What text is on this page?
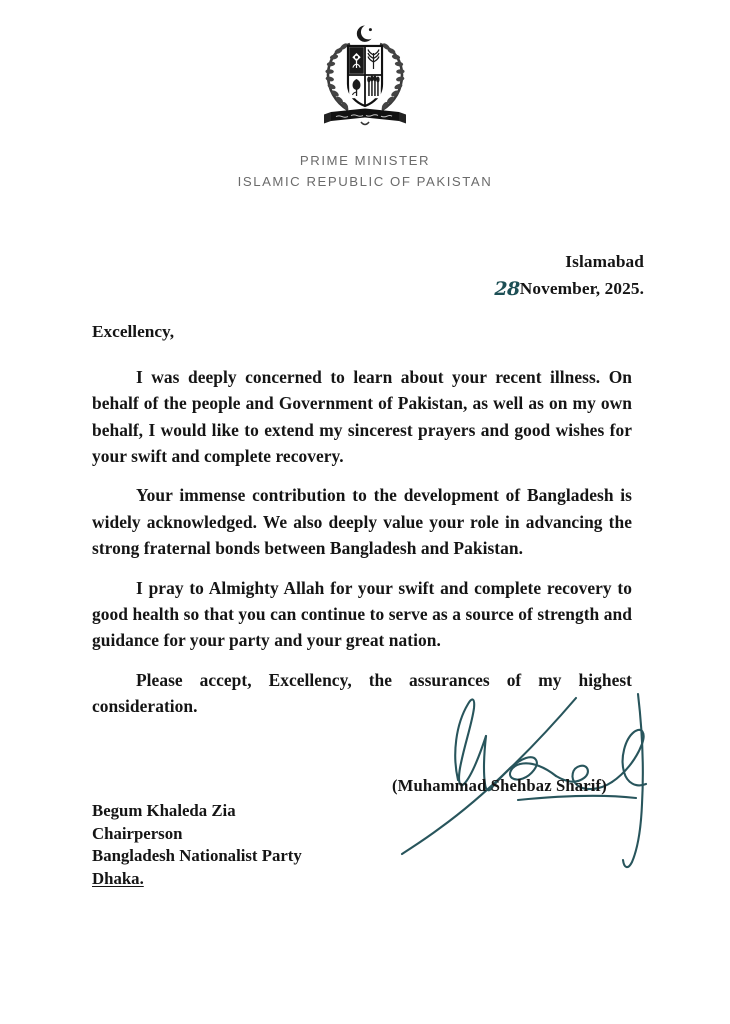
PRIME MINISTER
ISLAMIC REPUBLIC OF PAKISTAN
Islamabad
28November, 2025.

Excellency,

I was deeply concerned to learn about your recent illness. On behalf of the people and Government of Pakistan, as well as on my own behalf, I would like to extend my sincerest prayers and good wishes for your swift and complete recovery.

Your immense contribution to the development of Bangladesh is widely acknowledged. We also deeply value your role in advancing the strong fraternal bonds between Bangladesh and Pakistan.

I pray to Almighty Allah for your swift and complete recovery to good health so that you can continue to serve as a source of strength and guidance for your party and your great nation.

Please accept, Excellency, the assurances of my highest consideration.

(Muhammad Shehbaz Sharif)
Begum Khaleda Zia
Chairperson
Bangladesh Nationalist Party
Dhaka.
